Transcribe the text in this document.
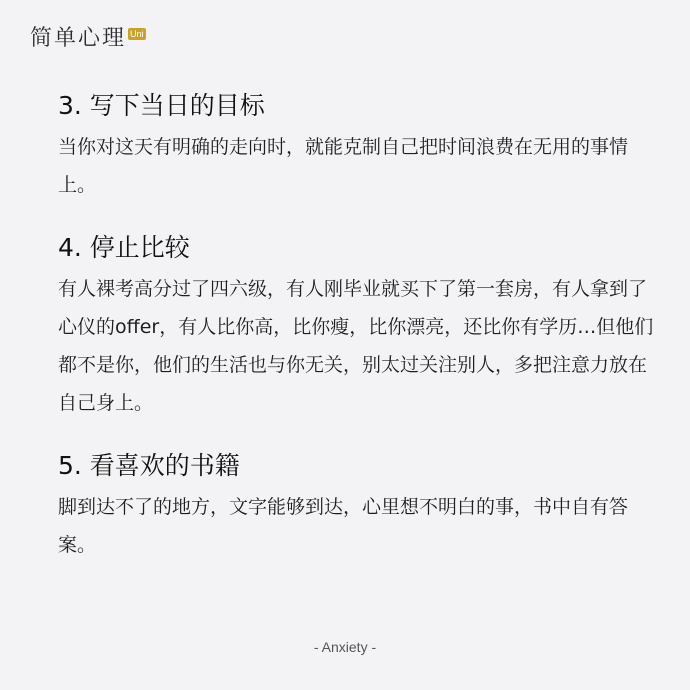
简单心理 Uni
3. 写下当日的目标

当你对这天有明确的走向时，就能克制自己把时间浪费在无用的事情上。

4. 停止比较

有人裸考高分过了四六级，有人刚毕业就买下了第一套房，有人拿到了心仪的offer，有人比你高，比你瘦，比你漂亮，还比你有学历…但他们都不是你，他们的生活也与你无关，别太过关注别人，多把注意力放在自己身上。

5. 看喜欢的书籍

脚到达不了的地方，文字能够到达，心里想不明白的事，书中自有答案。

- Anxiety -
